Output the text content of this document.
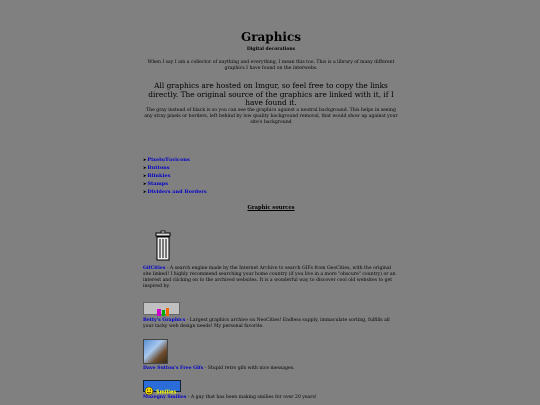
Graphics
Digital decorations

When I say I am a collector of anything and everything, I mean this too. This is a library of many different graphics I have found on the interwebs.

All graphics are hosted on Imgur, so feel free to copy the links directly. The original source of the graphics are linked with it, if I have found it.

The gray instead of black is so you can see the graphics against a neutral background. This helps in seeing any stray pixels or borders, left behind by low quality background removal, that would show up against your site's background

➤ Pixels/Favicons
➤ Buttons
➤ Blinkies
➤ Stamps
➤ Dividers and Borders
Graphic sources
GifCities - A search engine made by the Internet Archive to search GIFs from GeoCities, with the original site linked! I highly recommend searching your home country (if you live in a more "obscure" country) or an interest and clicking on to the archived websites. It is a wonderful way to discover cool old websites to get inspired by.
Betty's Graphics - Largest graphics archive on NeoCities! Endless supply, immaculate sorting, fulfills all your tacky web design needs! My personal favorite.
Dave Sutton's Free Gifs - Stupid retro gifs with nice messages.
Smilies
Mazegny Smilies - A guy that has been making smilies for over 20 years!
